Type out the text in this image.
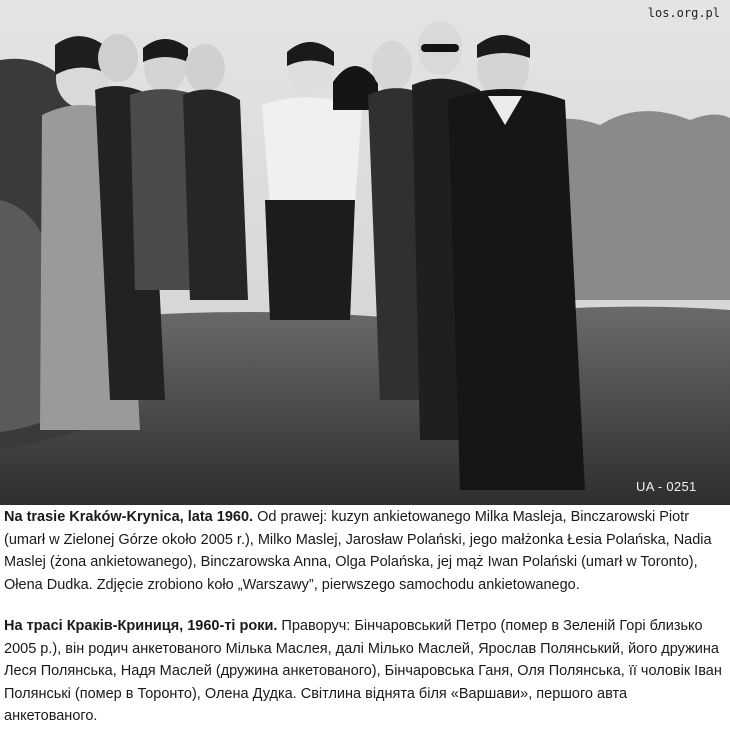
los.org.pl
UA - 0251

Na trasie Kraków-Krynica, lata 1960. Od prawej: kuzyn ankietowanego Milka Masleja, Binczarowski Piotr (umarł w Zielonej Górze około 2005 r.), Milko Maslej, Jarosław Polański, jego małżonka Łesia Polańska, Nadia Maslej (żona ankietowanego), Binczarowska Anna, Olga Polańska, jej mąż Iwan Polański (umarł w Toronto), Ołena Dudka. Zdjęcie zrobiono koło „Warszawy”, pierwszego samochodu ankietowanego.

На трасі Краків-Криниця, 1960-ті роки. Праворуч: Бінчаровський Петро (помер в Зеленій Горі близько 2005 р.), він родич анкетованого Мілька Маслея, далі Мілько Маслей, Ярослав Полянський, його дружина Леся Полянська, Надя Маслей (дружина анкетованого), Бінчаровська Ганя, Оля Полянська, її чоловік Іван Полянські (помер в Торонто), Олена Дудка. Світлина віднята біля «Варшави», першого авта анкетованого.
